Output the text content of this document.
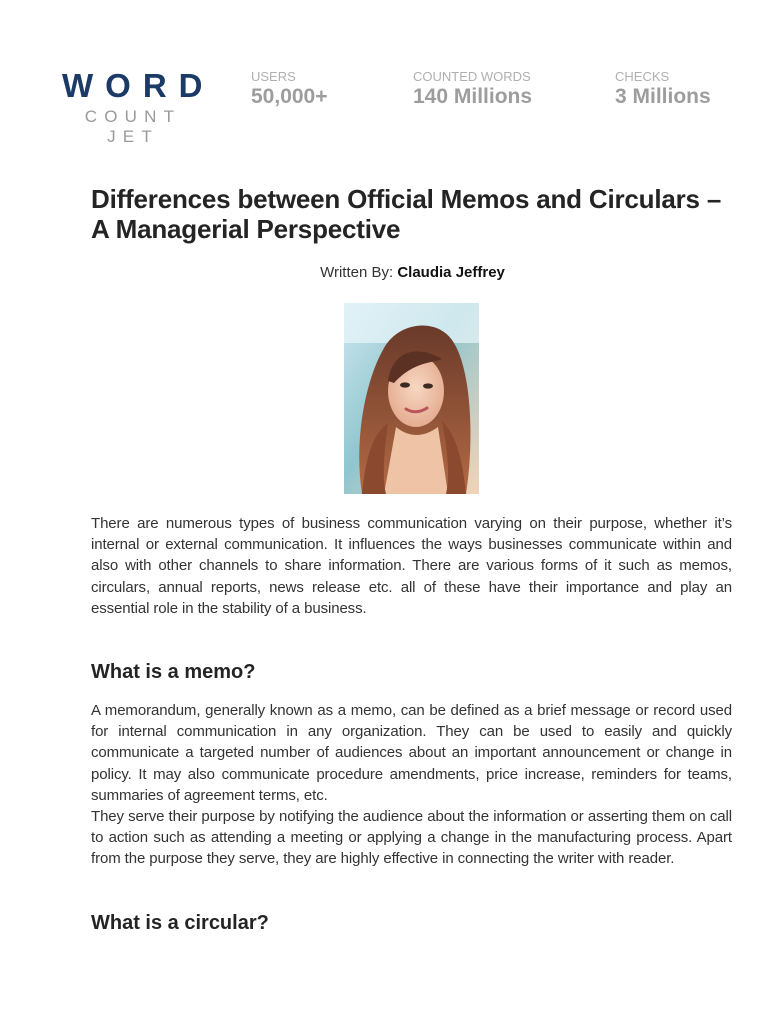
WORD
COUNT JET
USERS
50,000+
COUNTED WORDS
140 Millions
CHECKS
3 Millions
Differences between Official Memos and Circulars – A Managerial Perspective
Written By: Claudia Jeffrey

There are numerous types of business communication varying on their purpose, whether it’s internal or external communication. It influences the ways businesses communicate within and also with other channels to share information. There are various forms of it such as memos, circulars, annual reports, news release etc. all of these have their importance and play an essential role in the stability of a business.

What is a memo?

A memorandum, generally known as a memo, can be defined as a brief message or record used for internal communication in any organization. They can be used to easily and quickly communicate a targeted number of audiences about an important announcement or change in policy. It may also communicate procedure amendments, price increase, reminders for teams, summaries of agreement terms, etc.

They serve their purpose by notifying the audience about the information or asserting them on call to action such as attending a meeting or applying a change in the manufacturing process. Apart from the purpose they serve, they are highly effective in connecting the writer with reader.

What is a circular?
